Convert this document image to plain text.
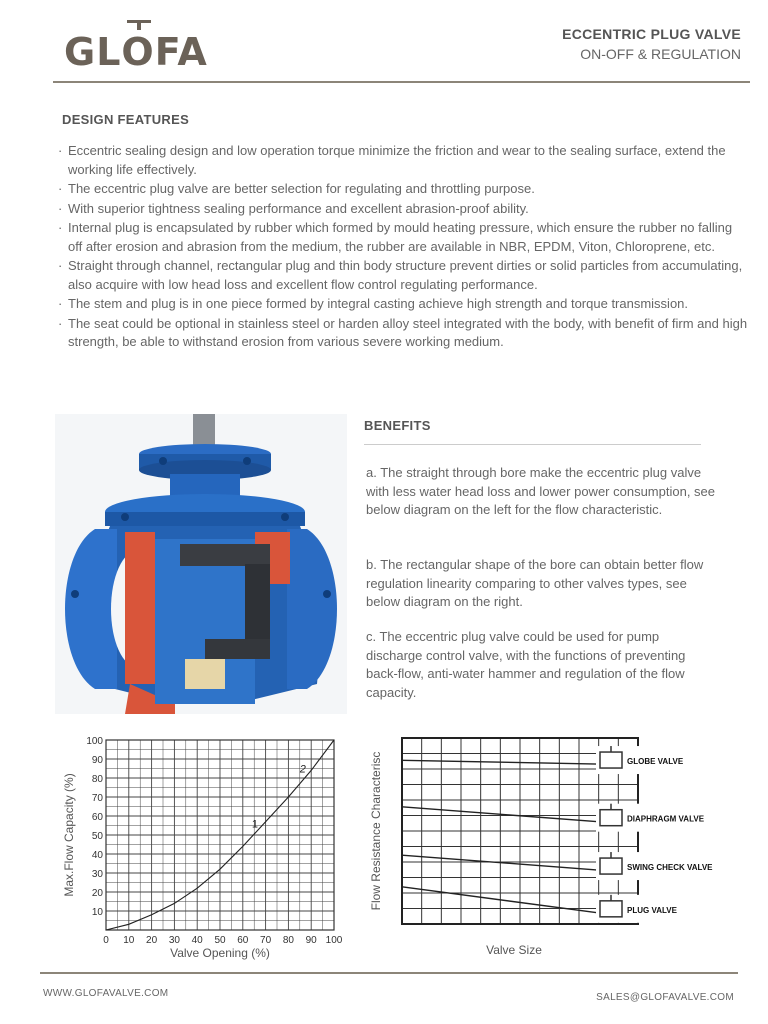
GLOFA	ECCENTRIC PLUG VALVE
ON-OFF & REGULATION
DESIGN FEATURES
· Eccentric sealing design and low operation torque minimize the friction and wear to the sealing surface, extend the working life effectively.
· The eccentric plug valve are better selection for regulating and throttling purpose.
· With superior tightness sealing performance and excellent abrasion-proof ability.
· Internal plug is encapsulated by rubber which formed by mould heating pressure, which ensure the rubber no falling off after erosion and abrasion from the medium, the rubber are available in NBR, EPDM, Viton, Chloroprene, etc.
· Straight through channel, rectangular plug and thin body structure prevent dirties or solid particles from accumulating, also acquire with low head loss and excellent flow control regulating performance.
· The stem and plug is in one piece formed by integral casting achieve high strength and torque transmission.
· The seat could be optional in stainless steel or harden alloy steel integrated with the body, with benefit of firm and high strength, be able to withstand erosion from various severe working medium.
BENEFITS

a. The straight through bore make the eccentric plug valve with less water head loss and lower power consumption, see below diagram on the left for the flow characteristic.

b. The rectangular shape of the bore can obtain better flow regulation linearity comparing to other valves types, see below diagram on the right.

c. The eccentric plug valve could be used for pump discharge control valve, with the functions of preventing back-flow, anti-water hammer and regulation of the flow capacity.

0 10 20 30 40 50 60 70 80 90 100
10
20
30
40
50
60
70
80
90
100
Valve Opening (%)
Max.Flow Capacity (%)	1
2
GLOBE VALVE
DIAPHRAGM VALVE
SWING CHECK VALVE
PLUG VALVE
Valve Size
Flow Resistance Characterisc
WWW.GLOFAVALVE.COM	SALES@GLOFAVALVE.COM
